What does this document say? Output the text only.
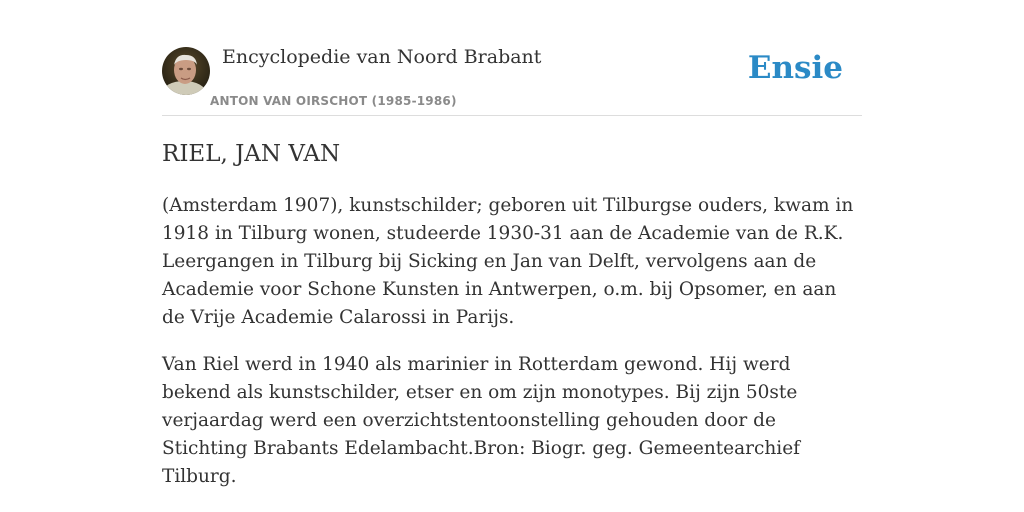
Encyclopedie van Noord Brabant
ANTON VAN OIRSCHOT (1985-1986)
Ensie
RIEL, JAN VAN

(Amsterdam 1907), kunstschilder; geboren uit Tilburgse ouders, kwam in 1918 in Tilburg wonen, studeerde 1930-31 aan de Academie van de R.K. Leergangen in Tilburg bij Sicking en Jan van Delft, vervolgens aan de Academie voor Schone Kunsten in Antwerpen, o.m. bij Opsomer, en aan de Vrije Academie Calarossi in Parijs.

Van Riel werd in 1940 als marinier in Rotterdam gewond. Hij werd bekend als kunstschilder, etser en om zijn monotypes. Bij zijn 50ste verjaardag werd een overzichtstentoonstelling gehouden door de Stichting Brabants Edelambacht.Bron: Biogr. geg. Gemeentearchief Tilburg.
